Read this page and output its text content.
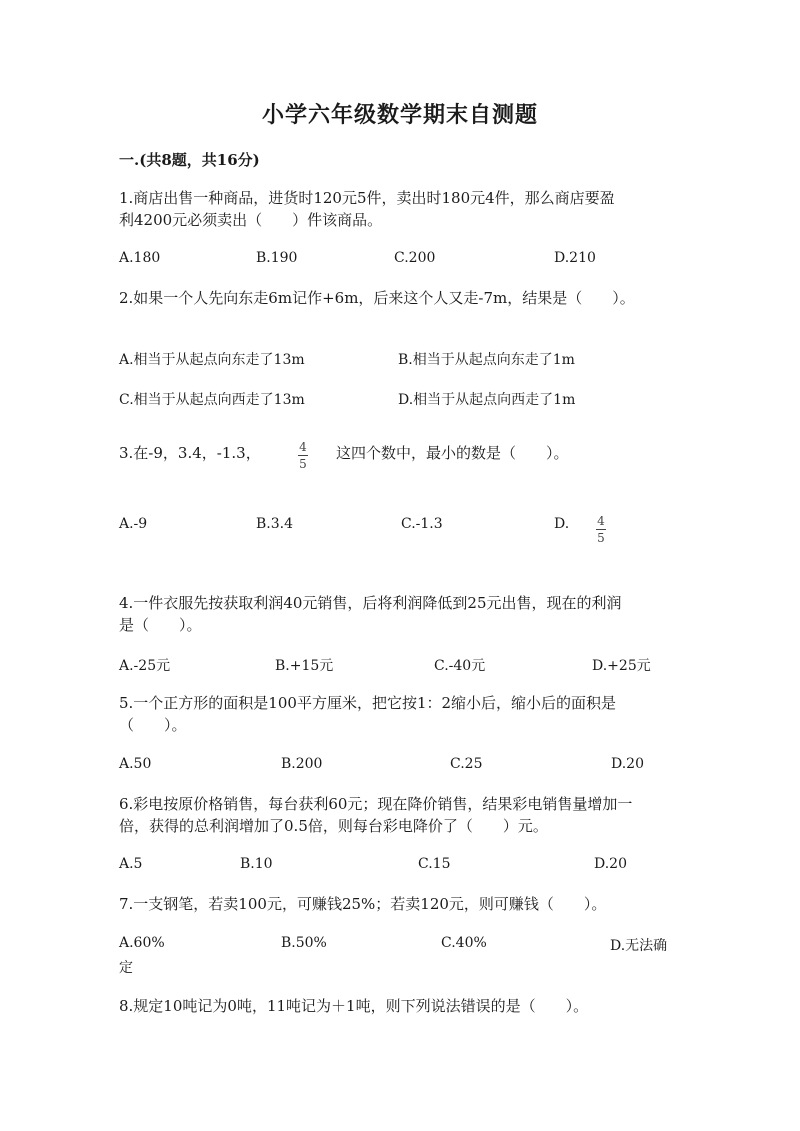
小学六年级数学期末自测题
一.(共8题，共16分)
1.商店出售一种商品，进货时120元5件，卖出时180元4件，那么商店要盈
利4200元必须卖出（　　）件该商品。
A.180	B.190	C.200	D.210
2.如果一个人先向东走6m记作+6m，后来这个人又走-7m，结果是（　　）。
A.相当于从起点向东走了13m	B.相当于从起点向东走了1m
C.相当于从起点向西走了13m	D.相当于从起点向西走了1m
3.在-9，3.4，-1.3，	$\frac{4}{5}$ 这四个数中，最小的数是（　　）。
A.-9	B.3.4	C.-1.3	D. $\frac{4}{5}$
4.一件衣服先按获取利润40元销售，后将利润降低到25元出售，现在的利润
是（　　）。
A.-25元	B.+15元	C.-40元	D.+25元
5.一个正方形的面积是100平方厘米，把它按1：2缩小后，缩小后的面积是
（　　）。
A.50	B.200	C.25	D.20
6.彩电按原价格销售，每台获利60元；现在降价销售，结果彩电销售量增加一
倍，获得的总利润增加了0.5倍，则每台彩电降价了（　　）元。
A.5	B.10	C.15	D.20
7.一支钢笔，若卖100元，可赚钱25%；若卖120元，则可赚钱（　　）。
A.60%	B.50%	C.40%	D.无法确
定
8.规定10吨记为0吨，11吨记为＋1吨，则下列说法错误的是（　　）。
